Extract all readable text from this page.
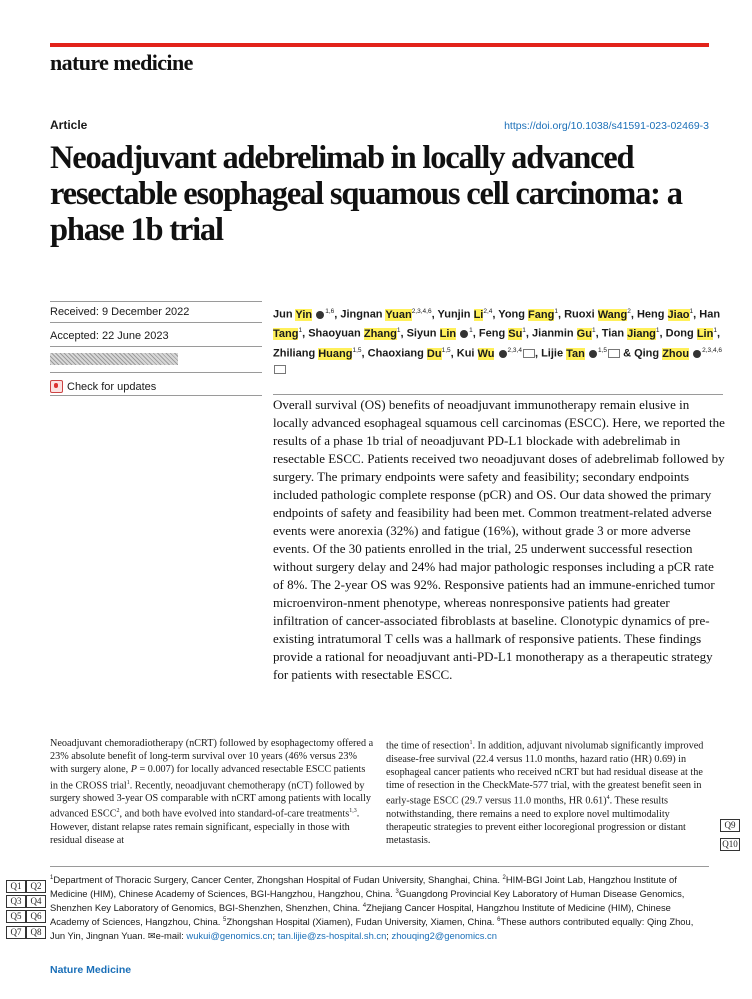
nature medicine
Article	https://doi.org/10.1038/s41591-023-02469-3
Neoadjuvant adebrelimab in locally advanced resectable esophageal squamous cell carcinoma: a phase 1b trial
Received: 9 December 2022
Accepted: 22 June 2023
Check for updates
Jun Yin $^{1,6}$, Jingnan Yuan$^{2,3,4,6}$, Yunjin Li$^{2,4}$, Yong Fang$^1$, Ruoxi Wang$^2$, Heng Jiao$^1$, Han Tang$^1$, Shaoyuan Zhang$^1$, Siyun Lin $^1$, Feng Su$^1$, Jianmin Gu$^1$, Tian Jiang$^1$, Dong Lin$^1$, Zhiliang Huang$^{1,5}$, Chaoxiang Du$^{1,5}$, Kui Wu $^{2,3,4}$ , Lijie Tan $^{1,5}$ & Qing Zhou $^{2,3,4,6}$
Overall survival (OS) benefits of neoadjuvant immunotherapy remain elusive in locally advanced esophageal squamous cell carcinomas (ESCC). Here, we reported the results of a phase 1b trial of neoadjuvant PD-L1 blockade with adebrelimab in resectable ESCC. Patients received two neoadjuvant doses of adebrelimab followed by surgery. The primary endpoints were safety and feasibility; secondary endpoints included pathologic complete response (pCR) and OS. Our data showed the primary endpoints of safety and feasibility had been met. Common treatment-related adverse events were anorexia (32%) and fatigue (16%), without grade 3 or more adverse events. Of the 30 patients enrolled in the trial, 25 underwent successful resection without surgery delay and 24% had major pathologic responses including a pCR rate of 8%. The 2-year OS was 92%. Responsive patients had an immune-enriched tumor microenviron-nment phenotype, whereas nonresponsive patients had greater infiltration of cancer-associated fibroblasts at baseline. Clonotypic dynamics of pre-existing intratumoral T cells was a hallmark of responsive patients. These findings provide a rational for neoadjuvant anti-PD-L1 monotherapy as a therapeutic strategy for patients with resectable ESCC.
Neoadjuvant chemoradiotherapy (nCRT) followed by esophagectomy offered a 23% absolute benefit of long-term survival over 10 years (46% versus 23% with surgery alone, P = 0.007) for locally advanced resectable ESCC patients in the CROSS trial$^1$. Recently, neoadjuvant chemotherapy (nCT) followed by surgery showed 3-year OS comparable with nCRT among patients with locally advanced ESCC$^2$, and both have evolved into standard-of-care treatments$^{1,3}$. However, distant relapse rates remain significant, especially in those with residual disease at
the time of resection$^1$. In addition, adjuvant nivolumab significantly improved disease-free survival (22.4 versus 11.0 months, hazard ratio (HR) 0.69) in esophageal cancer patients who received nCRT but had residual disease at the time of resection in the CheckMate-577 trial, with the greatest benefit seen in early-stage ESCC (29.7 versus 11.0 months, HR 0.61)$^4$. These results notwithstanding, there remains a need to explore novel multimodality therapeutic strategies to prevent either locoregional progression or distant metastasis.
Q9
Q10
$^1$Department of Thoracic Surgery, Cancer Center, Zhongshan Hospital of Fudan University, Shanghai, China. $^2$HIM-BGI Joint Lab, Hangzhou Institute of Medicine (HIM), Chinese Academy of Sciences, BGI-Hangzhou, Hangzhou, China. $^3$Guangdong Provincial Key Laboratory of Human Disease Genomics, Shenzhen Key Laboratory of Genomics, BGI-Shenzhen, Shenzhen, China. $^4$Zhejiang Cancer Hospital, Hangzhou Institute of Medicine (HIM), Chinese Academy of Sciences, Hangzhou, China. $^5$Zhongshan Hospital (Xiamen), Fudan University, Xiamen, China. $^6$These authors contributed equally: Qing Zhou, Jun Yin, Jingnan Yuan. ✉e-mail: wukui@genomics.cn; tan.lijie@zs-hospital.sh.cn; zhouqing2@genomics.cn
Q1	Q2
Q3	Q4
Q5	Q6
Q7	Q8
Nature Medicine
